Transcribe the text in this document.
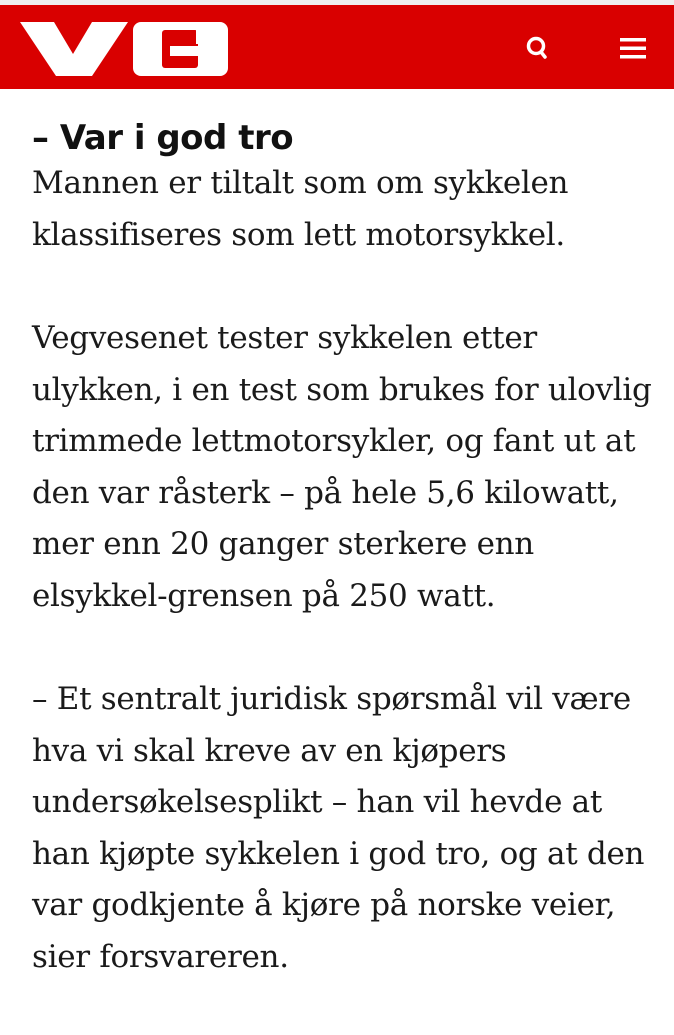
– Var i god tro

Mannen er tiltalt som om sykkelen klassifiseres som lett motorsykkel.

Vegvesenet tester sykkelen etter ulykken, i en test som brukes for ulovlig trimmede lettmotorsykler, og fant ut at den var råsterk – på hele 5,6 kilowatt, mer enn 20 ganger sterkere enn elsykkel-grensen på 250 watt.

– Et sentralt juridisk spørsmål vil være hva vi skal kreve av en kjøpers undersøkelsesplikt – han vil hevde at han kjøpte sykkelen i god tro, og at den var godkjente å kjøre på norske veier, sier forsvareren.
